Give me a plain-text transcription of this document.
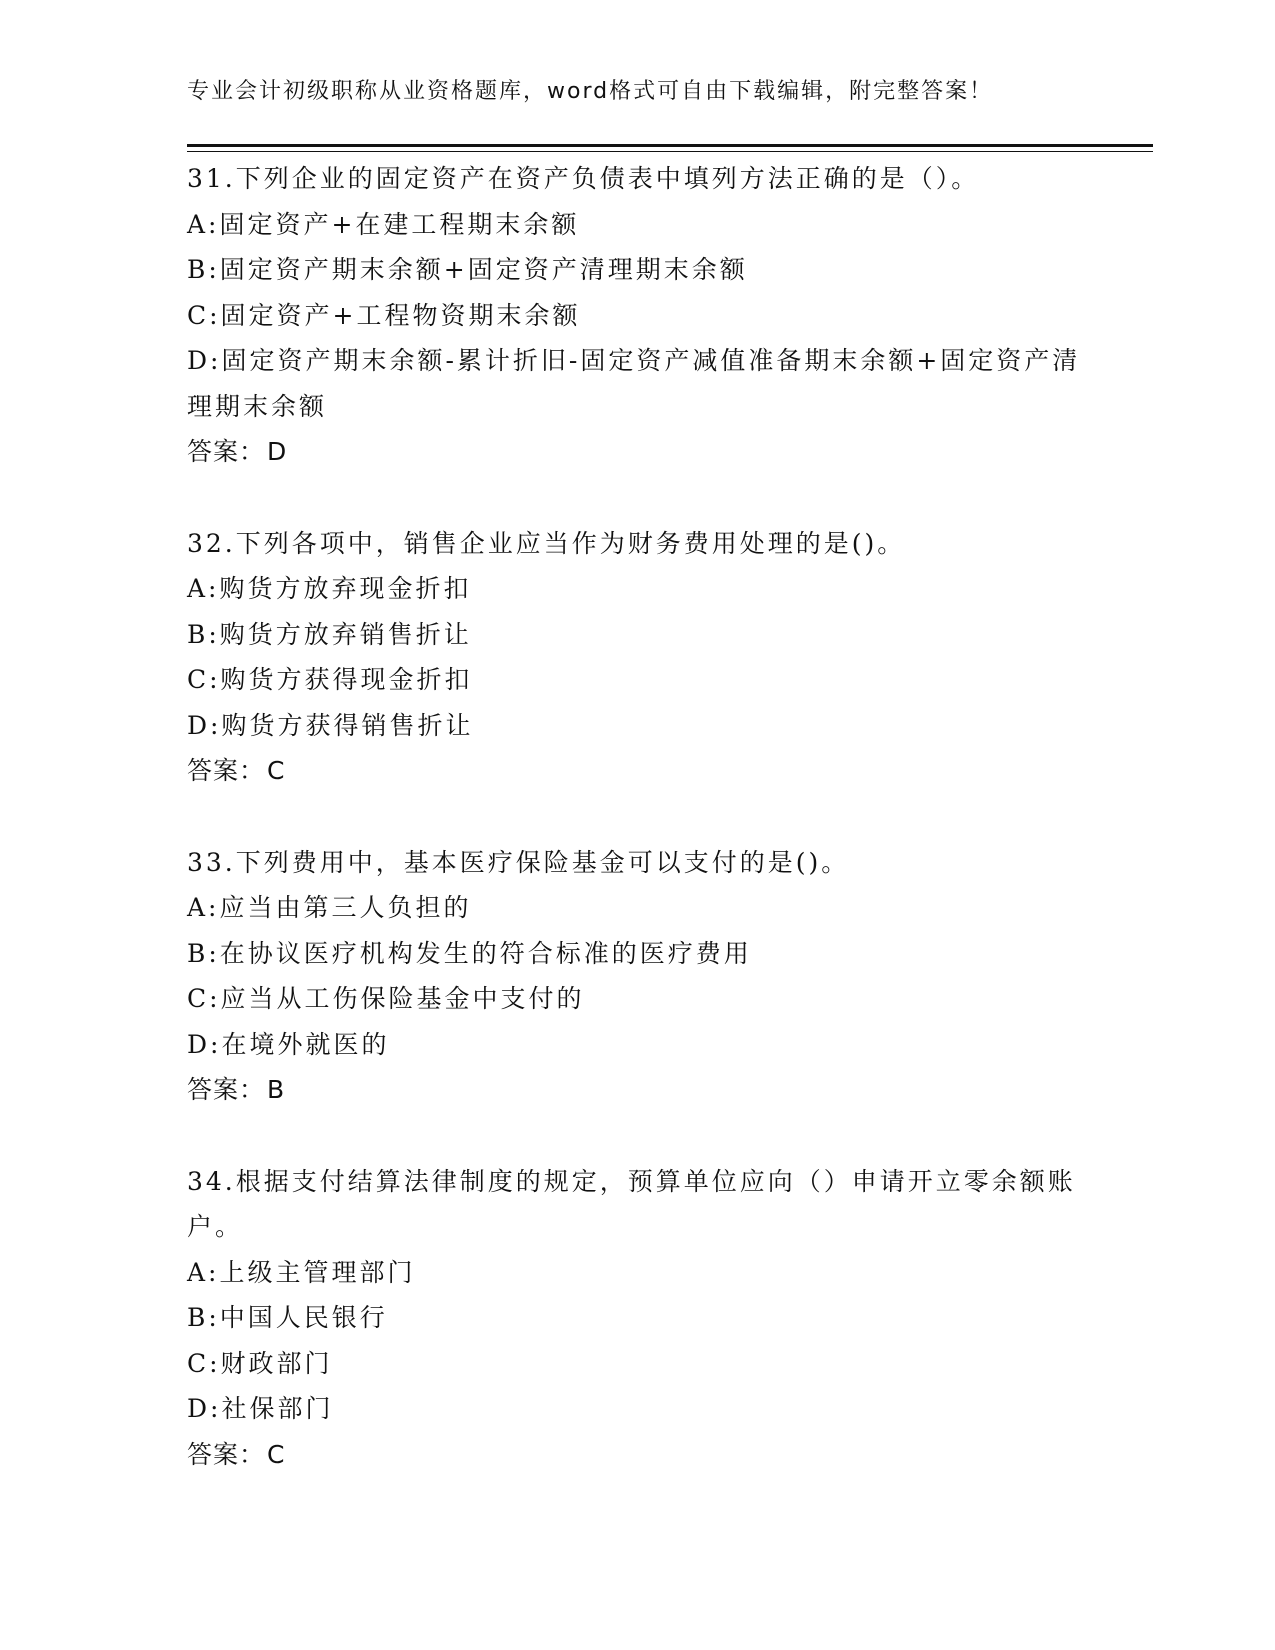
专业会计初级职称从业资格题库，word格式可自由下载编辑，附完整答案！
31.下列企业的固定资产在资产负债表中填列方法正确的是（）。
A:固定资产+在建工程期末余额
B:固定资产期末余额+固定资产清理期末余额
C:固定资产+工程物资期末余额
D:固定资产期末余额-累计折旧-固定资产减值准备期末余额+固定资产清理期末余额
答案：D
32.下列各项中，销售企业应当作为财务费用处理的是()。
A:购货方放弃现金折扣
B:购货方放弃销售折让
C:购货方获得现金折扣
D:购货方获得销售折让
答案：C
33.下列费用中，基本医疗保险基金可以支付的是()。
A:应当由第三人负担的
B:在协议医疗机构发生的符合标准的医疗费用
C:应当从工伤保险基金中支付的
D:在境外就医的
答案：B
34.根据支付结算法律制度的规定，预算单位应向（）申请开立零余额账户。
A:上级主管理部门
B:中国人民银行
C:财政部门
D:社保部门
答案：C
